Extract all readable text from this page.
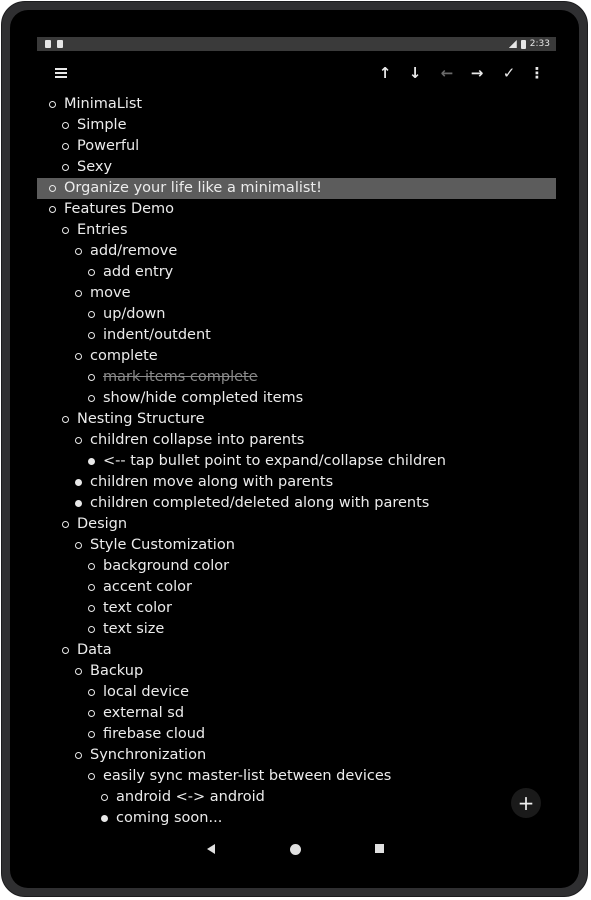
2:33
↑	↓	←	→	✓ ⋮
MinimaList
Simple
Powerful
Sexy
Organize your life like a minimalist!
Features Demo
Entries
add/remove
add entry
move
up/down
indent/outdent
complete
mark items complete
show/hide completed items
Nesting Structure
children collapse into parents
<-- tap bullet point to expand/collapse children
children move along with parents
children completed/deleted along with parents
Design
Style Customization
background color
accent color
text color
text size
Data
Backup
local device
external sd
firebase cloud
Synchronization
easily sync master-list between devices
android <-> android
coming soon...
+
